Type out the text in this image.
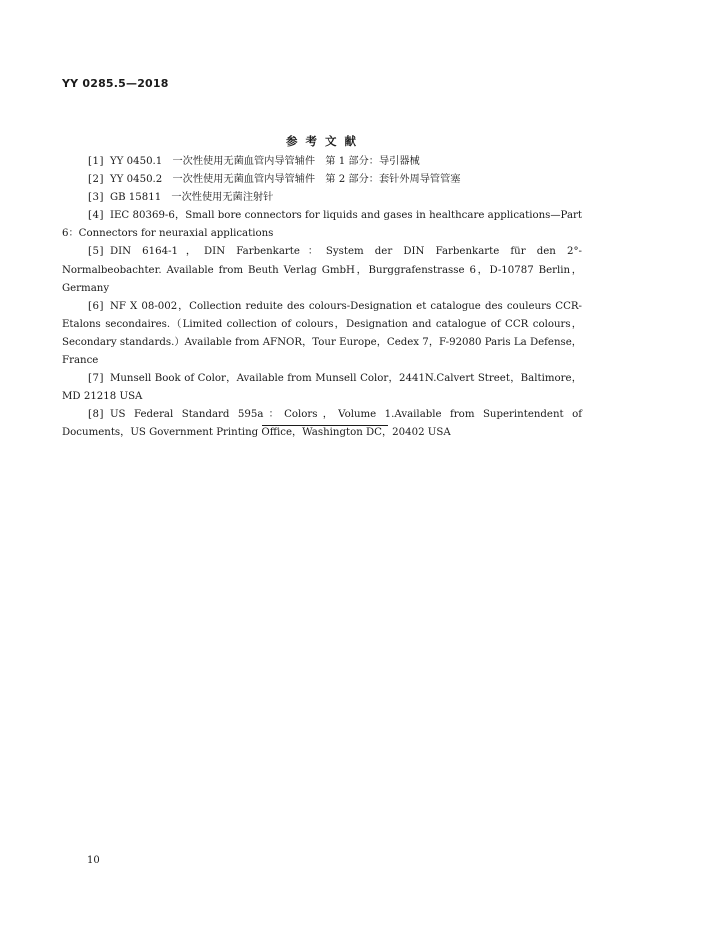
YY 0285.5—2018
参考文献

[1] YY 0450.1　一次性使用无菌血管内导管辅件　第 1 部分：导引器械

[2] YY 0450.2　一次性使用无菌血管内导管辅件　第 2 部分：套针外周导管管塞

[3] GB 15811　一次性使用无菌注射针

[4] IEC 80369-6，Small bore connectors for liquids and gases in healthcare applications—Part 6：Connectors for neuraxial applications

[5] DIN 6164-1，DIN Farbenkarte：System der DIN Farbenkarte für den 2°-Normalbeobachter. Available from Beuth Verlag GmbH，Burggrafenstrasse 6，D-10787 Berlin，Germany

[6] NF X 08-002，Collection reduite des colours-Designation et catalogue des couleurs CCR-Etalons secondaires.（Limited collection of colours，Designation and catalogue of CCR colours，Secondary standards.）Available from AFNOR，Tour Europe，Cedex 7，F-92080 Paris La Defense，France

[7] Munsell Book of Color，Available from Munsell Color，2441N.Calvert Street，Baltimore，MD 21218 USA

[8] US Federal Standard 595a：Colors，Volume 1.Available from Superintendent of Documents，US Government Printing Office，Washington DC，20402 USA

10
